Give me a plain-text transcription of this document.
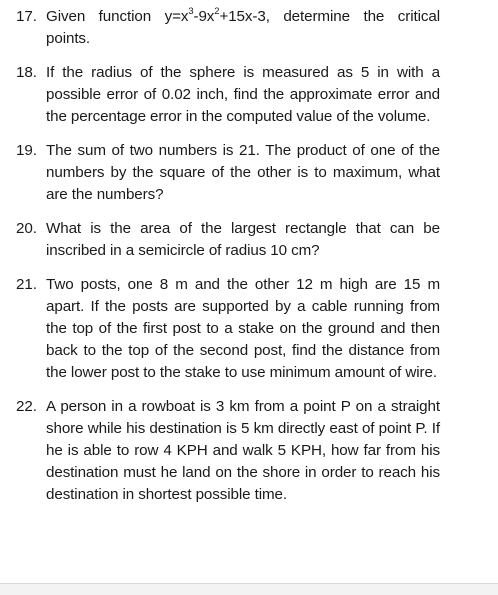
17. Given function $y=x^3-9x^2+15x-3$, determine the critical points.
18. If the radius of the sphere is measured as 5 in with a possible error of 0.02 inch, find the approximate error and the percentage error in the computed value of the volume.
19. The sum of two numbers is 21. The product of one of the numbers by the square of the other is to maximum, what are the numbers?
20. What is the area of the largest rectangle that can be inscribed in a semicircle of radius 10 cm?
21. Two posts, one 8 m and the other 12 m high are 15 m apart. If the posts are supported by a cable running from the top of the first post to a stake on the ground and then back to the top of the second post, find the distance from the lower post to the stake to use minimum amount of wire.
22. A person in a rowboat is 3 km from a point P on a straight shore while his destination is 5 km directly east of point P. If he is able to row 4 KPH and walk 5 KPH, how far from his destination must he land on the shore in order to reach his destination in shortest possible time.
